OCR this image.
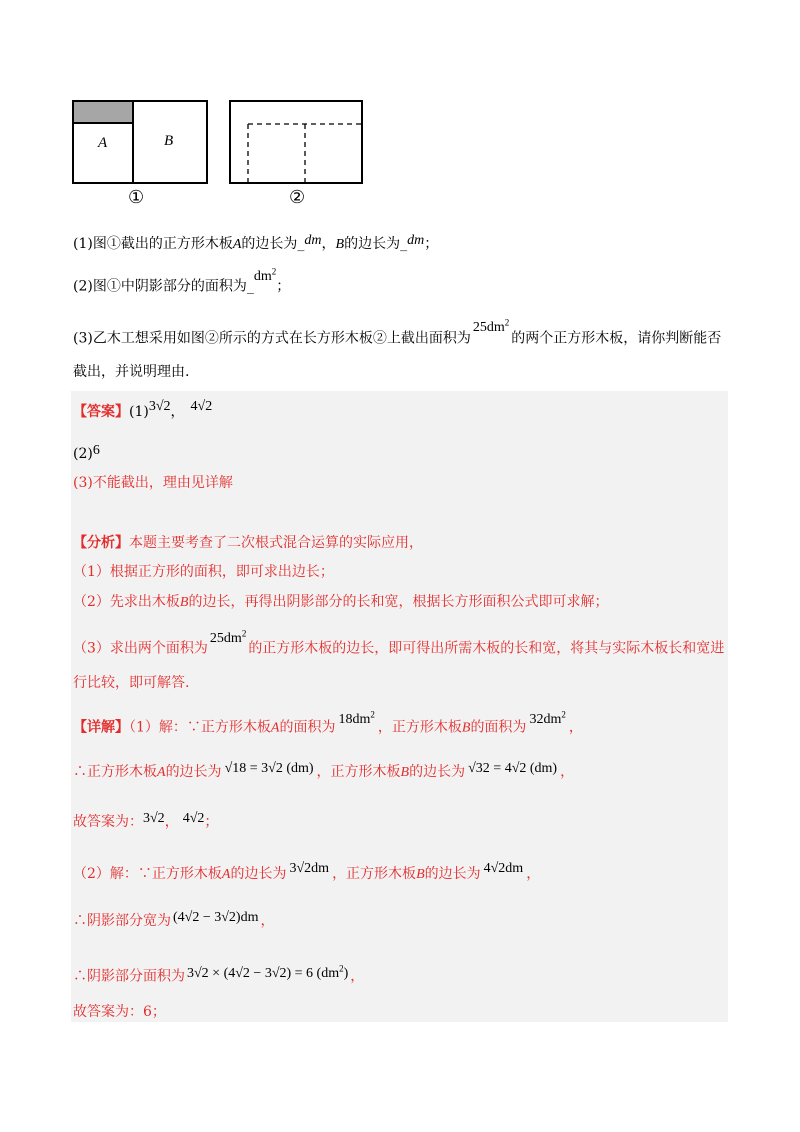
A	B
①	②
(1)图①截出的正方形木板A的边长为_dm，B的边长为_dm；
(2)图①中阴影部分的面积为$\_dm^2$；
(3)乙木工想采用如图②所示的方式在长方形木板②上截出面积为$25dm^2$的两个正方形木板，请你判断能否
截出，并说明理由.
【答案】(1)3√2， 4√2
(2)6
(3)不能截出，理由见详解
【分析】本题主要考查了二次根式混合运算的实际应用，
（1）根据正方形的面积，即可求出边长；
（2）先求出木板B的边长，再得出阴影部分的长和宽，根据长方形面积公式即可求解；
（3）求出两个面积为$25dm^2$的正方形木板的边长，即可得出所需木板的长和宽，将其与实际木板长和宽进
行比较，即可解答.
【详解】（1）解：∵正方形木板A的面积为$18dm^2$，正方形木板B的面积为$32dm^2$，
∴正方形木板A的边长为 √18 = 3√2 (dm) ，正方形木板B的边长为 √32 = 4√2 (dm) ，
故答案为：3√2， 4√2；
（2）解：∵正方形木板A的边长为 3√2dm ，正方形木板B的边长为 4√2dm ，
∴阴影部分宽为 (4√2 − 3√2)dm ，
∴阴影部分面积为 3√2 × (4√2 − 3√2) = 6 $(dm^2)$ ，
故答案为：6；
